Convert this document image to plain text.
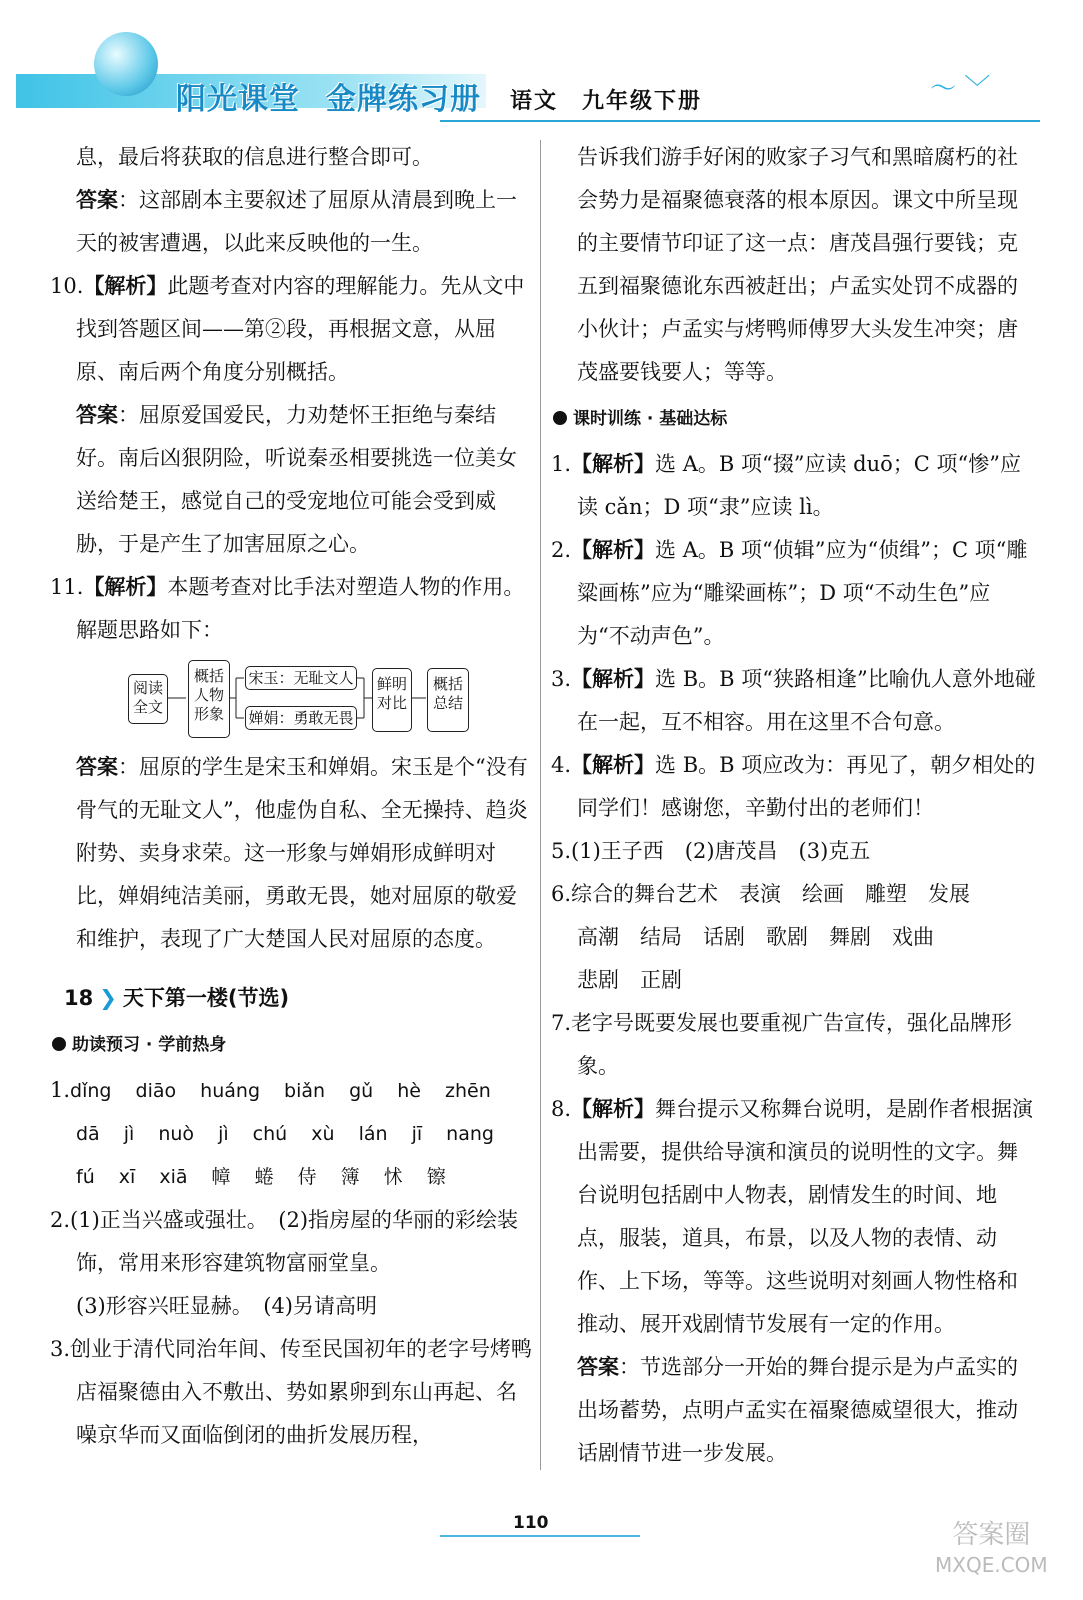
阳光课堂 金牌练习册	语文　 九年级下册	〜 ﹀

息，最后将获取的信息进行整合即可。

答案：这部剧本主要叙述了屈原从清晨到晚上一天的被害遭遇，以此来反映他的一生。

10.【解析】此题考查对内容的理解能力。先从文中找到答题区间——第②段，再根据文意，从屈原、南后两个角度分别概括。

答案：屈原爱国爱民，力劝楚怀王拒绝与秦结好。南后凶狠阴险，听说秦丞相要挑选一位美女送给楚王，感觉自己的受宠地位可能会受到威胁，于是产生了加害屈原之心。

11.【解析】本题考查对比手法对塑造人物的作用。解题思路如下：

阅读全文
概括人物形象
宋玉：无耻文人
婵娟：勇敢无畏
鲜明对比
概括总结

答案：屈原的学生是宋玉和婵娟。宋玉是个“没有骨气的无耻文人”，他虚伪自私、全无操持、趋炎附势、卖身求荣。这一形象与婵娟形成鲜明对比，婵娟纯洁美丽，勇敢无畏，她对屈原的敬爱和维护，表现了广大楚国人民对屈原的态度。

18 ❯ 天下第一楼(节选)
助读预习 · 学前热身

1.dǐng diāo huáng biǎn gǔ hè zhēn

dā jì nuò jì chú xù lán jī nang

fú xī xiā 幛 蜷 侍 簿 怵 镲

2.(1)正当兴盛或强壮。　(2)指房屋的华丽的彩绘装饰，常用来形容建筑物富丽堂皇。

(3)形容兴旺显赫。　(4)另请高明

3.创业于清代同治年间、传至民国初年的老字号烤鸭店福聚德由入不敷出、势如累卵到东山再起、名噪京华而又面临倒闭的曲折发展历程，

告诉我们游手好闲的败家子习气和黑暗腐朽的社会势力是福聚德衰落的根本原因。课文中所呈现的主要情节印证了这一点：唐茂昌强行要钱；克五到福聚德讹东西被赶出；卢孟实处罚不成器的小伙计；卢孟实与烤鸭师傅罗大头发生冲突；唐茂盛要钱要人；等等。

课时训练 · 基础达标

1.【解析】选 A。B 项“掇”应读 duō；C 项“惨”应读 cǎn；D 项“隶”应读 lì。

2.【解析】选 A。B 项“侦辑”应为“侦缉”；C 项“雕粱画栋”应为“雕梁画栋”；D 项“不动生色”应为“不动声色”。

3.【解析】选 B。B 项“狭路相逢”比喻仇人意外地碰在一起，互不相容。用在这里不合句意。

4.【解析】选 B。B 项应改为：再见了，朝夕相处的同学们！感谢您，辛勤付出的老师们！

5.(1)王子西　(2)唐茂昌　(3)克五

6.综合的舞台艺术　表演　绘画　雕塑　发展

高潮　结局　话剧　歌剧　舞剧　戏曲

悲剧　正剧

7.老字号既要发展也要重视广告宣传，强化品牌形象。

8.【解析】舞台提示又称舞台说明，是剧作者根据演出需要，提供给导演和演员的说明性的文字。舞台说明包括剧中人物表，剧情发生的时间、地点，服装，道具，布景，以及人物的表情、动作、上下场，等等。这些说明对刻画人物性格和推动、展开戏剧情节发展有一定的作用。

答案：节选部分一开始的舞台提示是为卢孟实的出场蓄势，点明卢孟实在福聚德威望很大，推动话剧情节进一步发展。

110	答案圈
MXQE.COM
